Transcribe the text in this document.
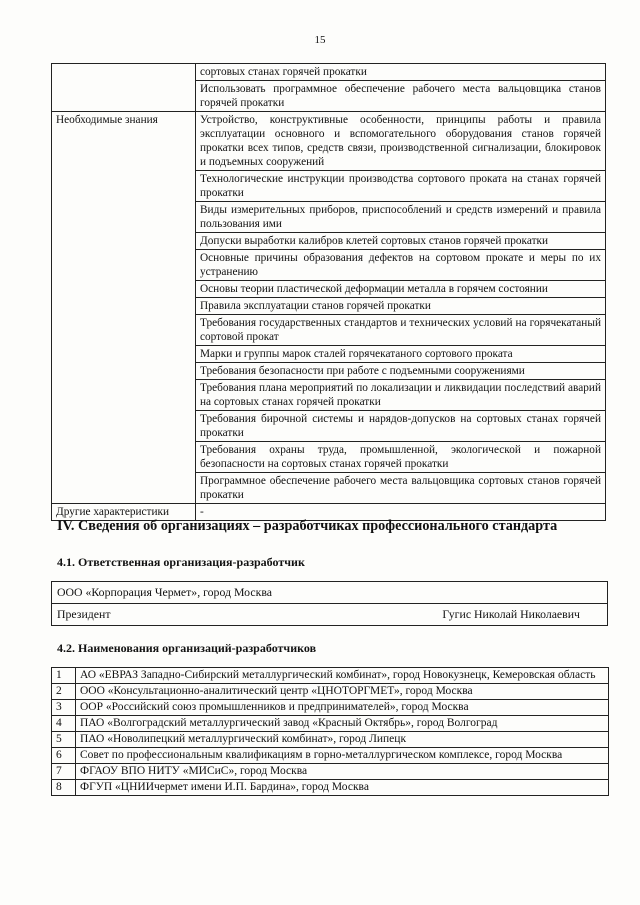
15
	сортовых станах горячей прокатки
	Использовать программное обеспечение рабочего места вальцовщика станов горячей прокатки
Необходимые знания	Устройство, конструктивные особенности, принципы работы и правила эксплуатации основного и вспомогательного оборудования станов горячей прокатки всех типов, средств связи, производственной сигнализации, блокировок и подъемных сооружений
	Технологические инструкции производства сортового проката на станах горячей прокатки
	Виды измерительных приборов, приспособлений и средств измерений и правила пользования ими
	Допуски выработки калибров клетей сортовых станов горячей прокатки
	Основные причины образования дефектов на сортовом прокате и меры по их устранению
	Основы теории пластической деформации металла в горячем состоянии
	Правила эксплуатации станов горячей прокатки
	Требования государственных стандартов и технических условий на горячекатаный сортовой прокат
	Марки и группы марок сталей горячекатаного сортового проката
	Требования безопасности при работе с подъемными сооружениями
	Требования плана мероприятий по локализации и ликвидации последствий аварий на сортовых станах горячей прокатки
	Требования бирочной системы и нарядов-допусков на сортовых станах горячей прокатки
	Требования охраны труда, промышленной, экологической и пожарной безопасности на сортовых станах горячей прокатки
	Программное обеспечение рабочего места вальцовщика сортовых станов горячей прокатки
Другие характеристики	-
IV. Сведения об организациях – разработчиках профессионального стандарта
4.1. Ответственная организация-разработчик
ООО «Корпорация Чермет», город Москва
Президент	Гугис Николай Николаевич
4.2. Наименования организаций-разработчиков
1	АО «ЕВРАЗ Западно-Сибирский металлургический комбинат», город Новокузнецк, Кемеровская область
2	ООО «Консультационно-аналитический центр «ЦНОТОРГМЕТ», город Москва
3	ООР «Российский союз промышленников и предпринимателей», город Москва
4	ПАО «Волгоградский металлургический завод «Красный Октябрь», город Волгоград
5	ПАО «Новолипецкий металлургический комбинат», город Липецк
6	Совет по профессиональным квалификациям в горно-металлургическом комплексе, город Москва
7	ФГАОУ ВПО НИТУ «МИСиС», город Москва
8	ФГУП «ЦНИИчермет имени И.П. Бардина», город Москва
